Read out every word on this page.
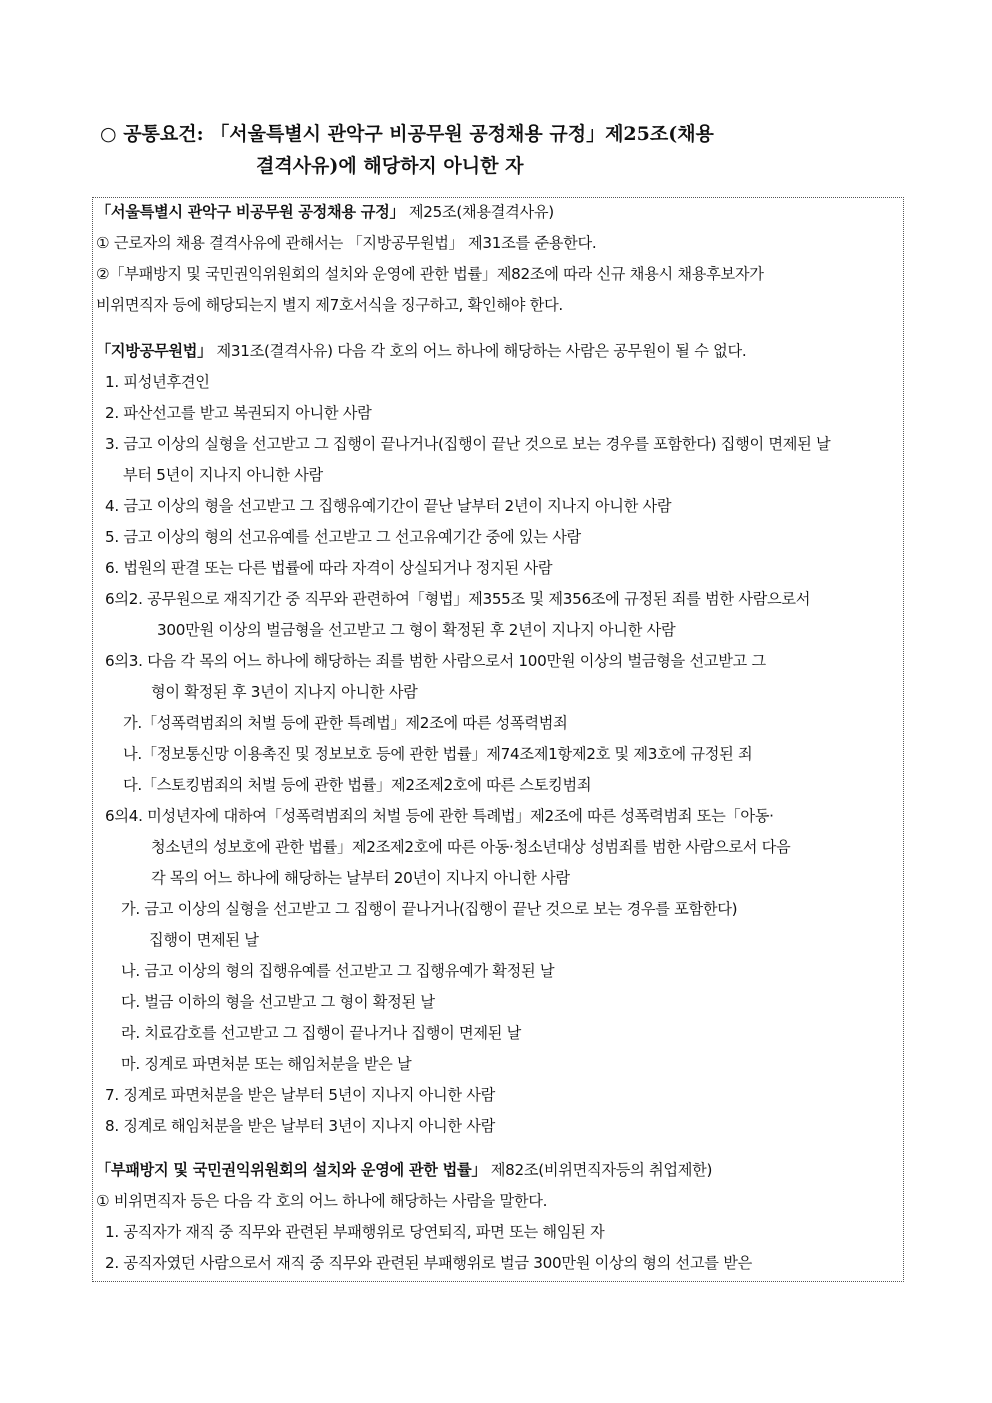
○ 공통요건: 「서울특별시 관악구 비공무원 공정채용 규정」제25조(채용
결격사유)에 해당하지 아니한 자
「서울특별시 관악구 비공무원 공정채용 규정」 제25조(채용결격사유)
① 근로자의 채용 결격사유에 관해서는 「지방공무원법」 제31조를 준용한다.
②「부패방지 및 국민권익위원회의 설치와 운영에 관한 법률」제82조에 따라 신규 채용시 채용후보자가
비위면직자 등에 해당되는지 별지 제7호서식을 징구하고, 확인해야 한다.
「지방공무원법」 제31조(결격사유) 다음 각 호의 어느 하나에 해당하는 사람은 공무원이 될 수 없다.
1. 피성년후견인
2. 파산선고를 받고 복권되지 아니한 사람
3. 금고 이상의 실형을 선고받고 그 집행이 끝나거나(집행이 끝난 것으로 보는 경우를 포함한다) 집행이 면제된 날
부터 5년이 지나지 아니한 사람
4. 금고 이상의 형을 선고받고 그 집행유예기간이 끝난 날부터 2년이 지나지 아니한 사람
5. 금고 이상의 형의 선고유예를 선고받고 그 선고유예기간 중에 있는 사람
6. 법원의 판결 또는 다른 법률에 따라 자격이 상실되거나 정지된 사람
6의2. 공무원으로 재직기간 중 직무와 관련하여「형법」제355조 및 제356조에 규정된 죄를 범한 사람으로서
300만원 이상의 벌금형을 선고받고 그 형이 확정된 후 2년이 지나지 아니한 사람
6의3. 다음 각 목의 어느 하나에 해당하는 죄를 범한 사람으로서 100만원 이상의 벌금형을 선고받고 그
형이 확정된 후 3년이 지나지 아니한 사람
가.「성폭력범죄의 처벌 등에 관한 특례법」제2조에 따른 성폭력범죄
나.「정보통신망 이용촉진 및 정보보호 등에 관한 법률」제74조제1항제2호 및 제3호에 규정된 죄
다.「스토킹범죄의 처벌 등에 관한 법률」제2조제2호에 따른 스토킹범죄
6의4. 미성년자에 대하여「성폭력범죄의 처벌 등에 관한 특례법」제2조에 따른 성폭력범죄 또는「아동·
청소년의 성보호에 관한 법률」제2조제2호에 따른 아동·청소년대상 성범죄를 범한 사람으로서 다음
각 목의 어느 하나에 해당하는 날부터 20년이 지나지 아니한 사람
가. 금고 이상의 실형을 선고받고 그 집행이 끝나거나(집행이 끝난 것으로 보는 경우를 포함한다)
집행이 면제된 날
나. 금고 이상의 형의 집행유예를 선고받고 그 집행유예가 확정된 날
다. 벌금 이하의 형을 선고받고 그 형이 확정된 날
라. 치료감호를 선고받고 그 집행이 끝나거나 집행이 면제된 날
마. 징계로 파면처분 또는 해임처분을 받은 날
7. 징계로 파면처분을 받은 날부터 5년이 지나지 아니한 사람
8. 징계로 해임처분을 받은 날부터 3년이 지나지 아니한 사람
「부패방지 및 국민권익위원회의 설치와 운영에 관한 법률」 제82조(비위면직자등의 취업제한)
① 비위면직자 등은 다음 각 호의 어느 하나에 해당하는 사람을 말한다.
1. 공직자가 재직 중 직무와 관련된 부패행위로 당연퇴직, 파면 또는 해임된 자
2. 공직자였던 사람으로서 재직 중 직무와 관련된 부패행위로 벌금 300만원 이상의 형의 선고를 받은
